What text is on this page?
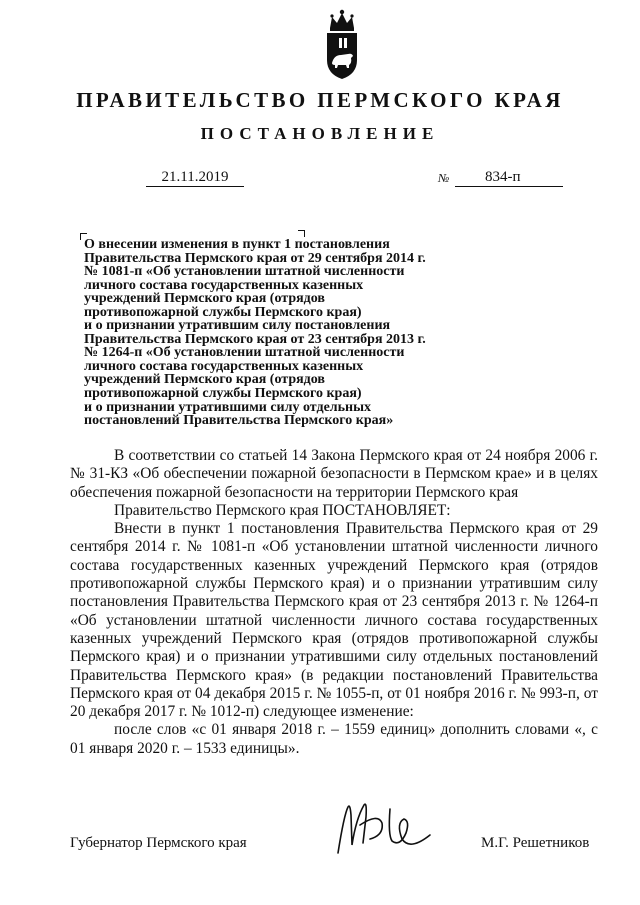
ПРАВИТЕЛЬСТВО ПЕРМСКОГО КРАЯ
ПОСТАНОВЛЕНИЕ
21.11.2019	№	834-п
О внесении изменения в пункт 1 постановления
Правительства Пермского края от 29 сентября 2014 г.
№ 1081-п «Об установлении штатной численности
личного состава государственных казенных
учреждений Пермского края (отрядов
противопожарной службы Пермского края)
и о признании утратившим силу постановления
Правительства Пермского края от 23 сентября 2013 г.
№ 1264-п «Об установлении штатной численности
личного состава государственных казенных
учреждений Пермского края (отрядов
противопожарной службы Пермского края)
и о признании утратившими силу отдельных
постановлений Правительства Пермского края»

В соответствии со статьей 14 Закона Пермского края от 24 ноября 2006 г. № 31-КЗ «Об обеспечении пожарной безопасности в Пермском крае» и в целях обеспечения пожарной безопасности на территории Пермского края

Правительство Пермского края ПОСТАНОВЛЯЕТ:

Внести в пункт 1 постановления Правительства Пермского края от 29 сентября 2014 г. № 1081-п «Об установлении штатной численности личного состава государственных казенных учреждений Пермского края (отрядов противопожарной службы Пермского края) и о признании утратившим силу постановления Правительства Пермского края от 23 сентября 2013 г. № 1264-п «Об установлении штатной численности личного состава государственных казенных учреждений Пермского края (отрядов противопожарной службы Пермского края) и о признании утратившими силу отдельных постановлений Правительства Пермского края» (в редакции постановлений Правительства Пермского края от 04 декабря 2015 г. № 1055-п, от 01 ноября 2016 г. № 993-п, от 20 декабря 2017 г. № 1012-п) следующее изменение:

после слов «с 01 января 2018 г. – 1559 единиц» дополнить словами «, с 01 января 2020 г. – 1533 единицы».

Губернатор Пермского края	М.Г. Решетников
